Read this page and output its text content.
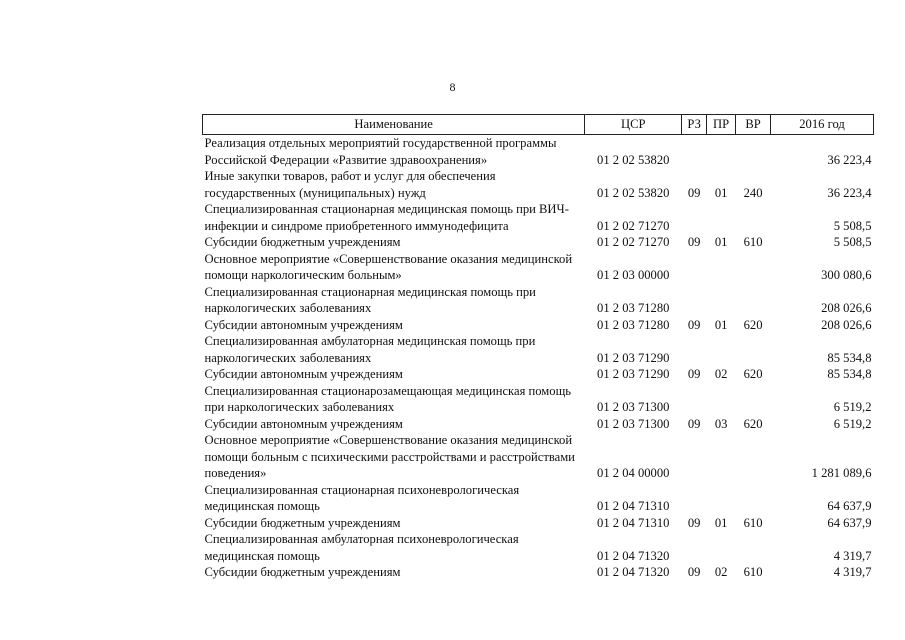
8
Наименование	ЦСР	РЗ	ПР	ВР	2016 год
Реализация отдельных мероприятий государственной программы Российской Федерации «Развитие здравоохранения»	01 2 02 53820				36 223,4
Иные закупки товаров, работ и услуг для обеспечения государственных (муниципальных) нужд	01 2 02 53820	09	01	240	36 223,4
Специализированная стационарная медицинская помощь при ВИЧ-инфекции и синдроме приобретенного иммунодефицита	01 2 02 71270				5 508,5
Субсидии бюджетным учреждениям	01 2 02 71270	09	01	610	5 508,5
Основное мероприятие «Совершенствование оказания медицинской помощи наркологическим больным»	01 2 03 00000				300 080,6
Специализированная стационарная медицинская помощь при наркологических заболеваниях	01 2 03 71280				208 026,6
Субсидии автономным учреждениям	01 2 03 71280	09	01	620	208 026,6
Специализированная амбулаторная медицинская помощь при наркологических заболеваниях	01 2 03 71290				85 534,8
Субсидии автономным учреждениям	01 2 03 71290	09	02	620	85 534,8
Специализированная стационарозамещающая медицинская помощь при наркологических заболеваниях	01 2 03 71300				6 519,2
Субсидии автономным учреждениям	01 2 03 71300	09	03	620	6 519,2
Основное мероприятие «Совершенствование оказания медицинской помощи больным с психическими расстройствами и расстройствами поведения»	01 2 04 00000				1 281 089,6
Специализированная стационарная психоневрологическая медицинская помощь	01 2 04 71310				64 637,9
Субсидии бюджетным учреждениям	01 2 04 71310	09	01	610	64 637,9
Специализированная амбулаторная психоневрологическая медицинская помощь	01 2 04 71320				4 319,7
Субсидии бюджетным учреждениям	01 2 04 71320	09	02	610	4 319,7
